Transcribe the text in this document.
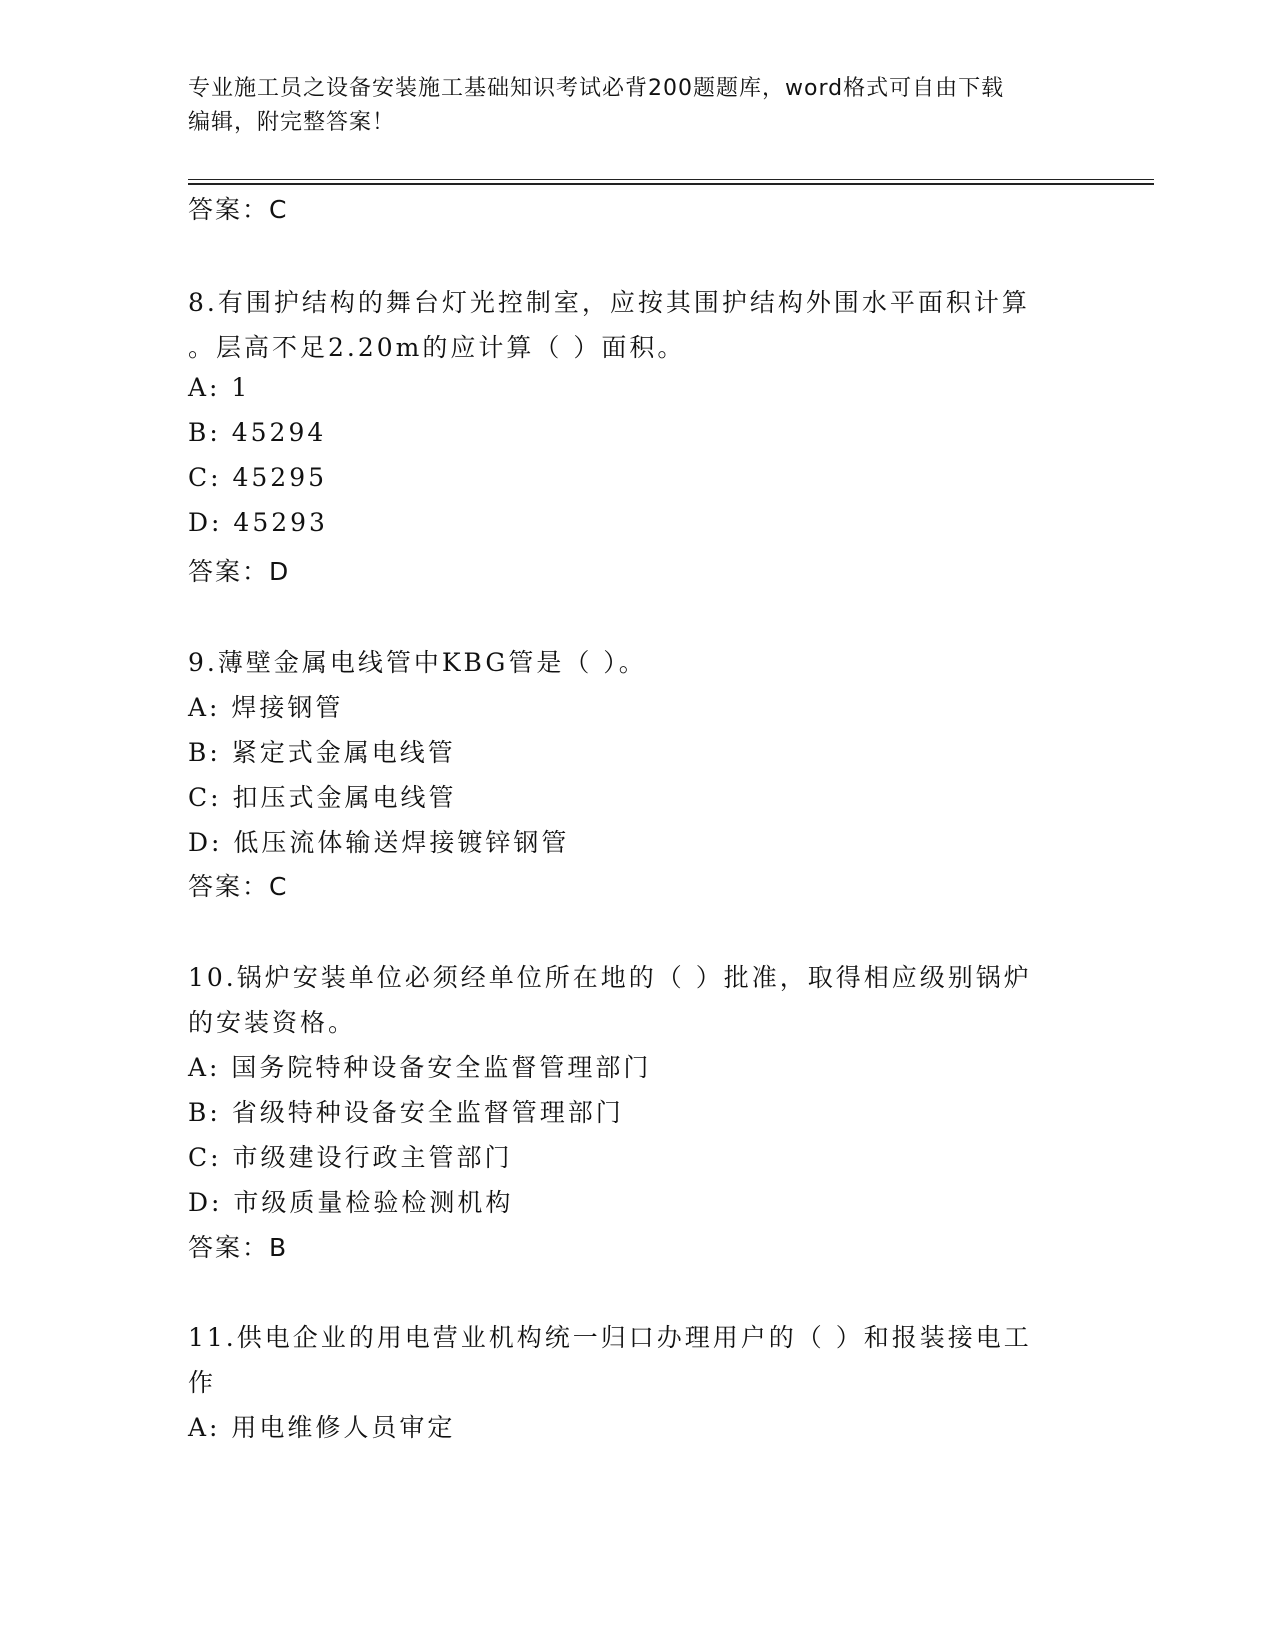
专业施工员之设备安装施工基础知识考试必背200题题库，word格式可自由下载
编辑，附完整答案！
答案：C
8.有围护结构的舞台灯光控制室，应按其围护结构外围水平面积计算
。层高不足2.20m的应计算（ ）面积。
A: 1
B: 45294
C: 45295
D: 45293
答案：D
9.薄壁金属电线管中KBG管是（ ）。
A: 焊接钢管
B: 紧定式金属电线管
C: 扣压式金属电线管
D: 低压流体输送焊接镀锌钢管
答案：C
10.锅炉安装单位必须经单位所在地的（ ）批准，取得相应级别锅炉
的安装资格。
A: 国务院特种设备安全监督管理部门
B: 省级特种设备安全监督管理部门
C: 市级建设行政主管部门
D: 市级质量检验检测机构
答案：B
11.供电企业的用电营业机构统一归口办理用户的（ ）和报装接电工
作
A: 用电维修人员审定
